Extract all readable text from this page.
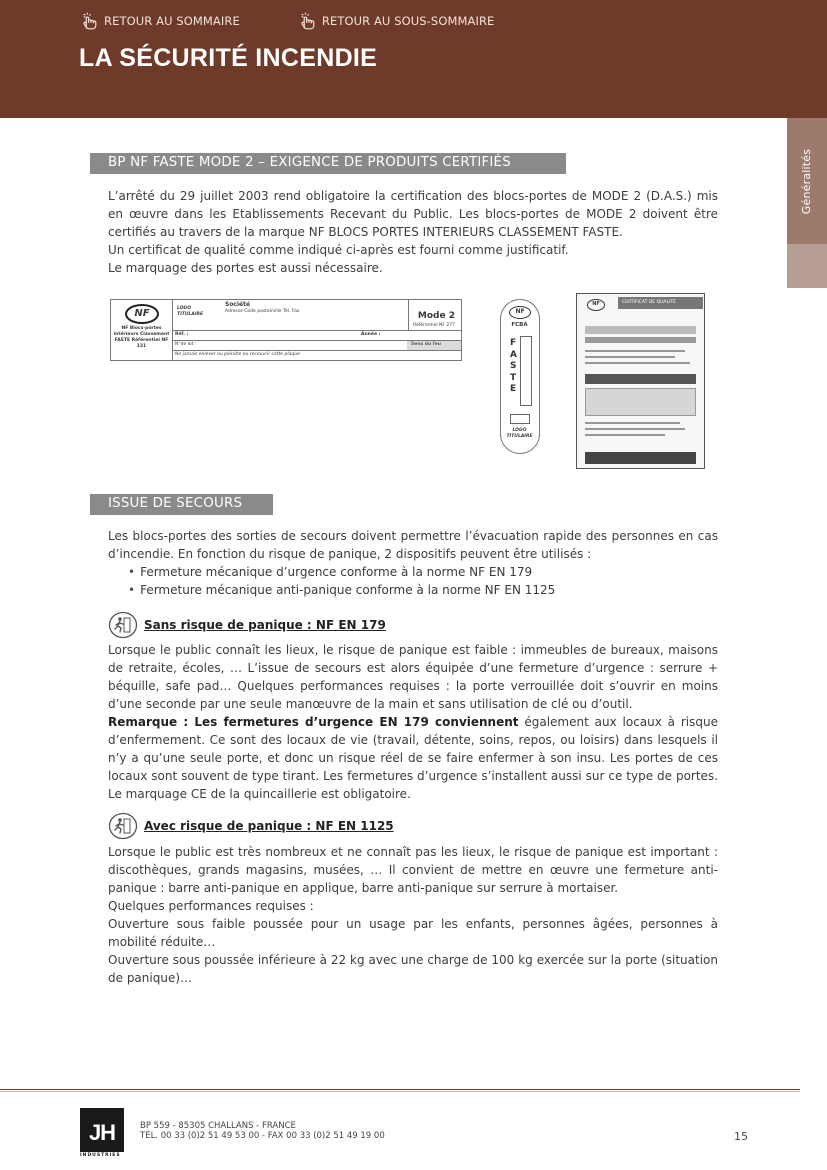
RETOUR AU SOMMAIRE	RETOUR AU SOUS-SOMMAIRE
LA SÉCURITÉ INCENDIE
Généralités
BP NF FASTE MODE 2 – EXIGENCE DE PRODUITS CERTIFIÉS

L’arrêté du 29 juillet 2003 rend obligatoire la certification des blocs-portes de MODE 2 (D.A.S.) mis en œuvre dans les Etablissements Recevant du Public. Les blocs-portes de MODE 2 doivent être certifiés au travers de la marque NF BLOCS PORTES INTERIEURS CLASSEMENT FASTE.

Un certificat de qualité comme indiqué ci-après est fourni comme justificatif.

Le marquage des portes est aussi nécessaire.

NF
NF Blocs-portes intérieurs Classement FASTE Référentiel NF 131
LOGO TITULAIRE
Société
Adresse Code postal/ville Tél. Fax	Mode 2
Référentiel NF 277
Réf. :	Année :
N°de lot :	Sens du feu
Ne jamais enlever ou peindre ou recouvrir cette plaque
NF
FCBA
F A S T E
LOGO TITULAIRE
NF	CERTIFICAT DE QUALITÉ
ISSUE DE SECOURS

Les blocs-portes des sorties de secours doivent permettre l’évacuation rapide des personnes en cas d’incendie. En fonction du risque de panique, 2 dispositifs peuvent être utilisés :

• Fermeture mécanique d’urgence conforme à la norme NF EN 179
• Fermeture mécanique anti-panique conforme à la norme NF EN 1125
Sans risque de panique : NF EN 179

Lorsque le public connaît les lieux, le risque de panique est faible : immeubles de bureaux, maisons de retraite, écoles, … L’issue de secours est alors équipée d’une fermeture d’urgence : serrure + béquille, safe pad… Quelques performances requises : la porte verrouillée doit s’ouvrir en moins d’une seconde par une seule manœuvre de la main et sans utilisation de clé ou d’outil.

Remarque : Les fermetures d’urgence EN 179 conviennent également aux locaux à risque d’enfermement. Ce sont des locaux de vie (travail, détente, soins, repos, ou loisirs) dans lesquels il n’y a qu’une seule porte, et donc un risque réel de se faire enfermer à son insu. Les portes de ces locaux sont souvent de type tirant. Les fermetures d’urgence s’installent aussi sur ce type de portes. Le marquage CE de la quincaillerie est obligatoire.

Avec risque de panique : NF EN 1125

Lorsque le public est très nombreux et ne connaît pas les lieux, le risque de panique est important : discothèques, grands magasins, musées, … Il convient de mettre en œuvre une fermeture anti-panique : barre anti-panique en applique, barre anti-panique sur serrure à mortaiser.

Quelques performances requises :

Ouverture sous faible poussée pour un usage par les enfants, personnes âgées, personnes à mobilité réduite…

Ouverture sous poussée inférieure à 22 kg avec une charge de 100 kg exercée sur la porte (situation de panique)…

JH
INDUSTRIES
BP 559 - 85305 CHALLANS - FRANCE
TÉL. 00 33 (0)2 51 49 53 00 - FAX 00 33 (0)2 51 49 19 00	15
